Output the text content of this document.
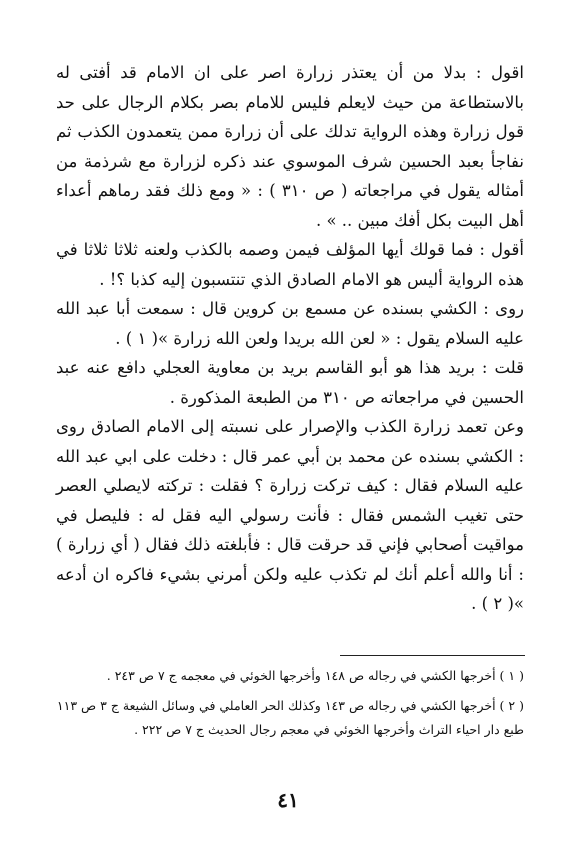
اقول : بدلا من أن يعتذر زرارة اصر على ان الامام قد أفتى له بالاستطاعة من حيث لايعلم فليس للامام بصر بكلام الرجال على حد قول زرارة وهذه الرواية تدلك على أن زرارة ممن يتعمدون الكذب ثم نفاجأ بعبد الحسين شرف الموسوي عند ذكره لزرارة مع شرذمة من أمثاله يقول في مراجعاته ( ص ٣١٠ ) : « ومع ذلك فقد رماهم أعداء أهل البيت بكل أفك مبين .. » .

أقول : فما قولك أيها المؤلف فيمن وصمه بالكذب ولعنه ثلاثا ثلاثا في هذه الرواية أليس هو الامام الصادق الذي تنتسبون إليه كذبا ؟! .

روى : الكشي بسنده عن مسمع بن كروين قال : سمعت أبا عبد الله عليه السلام يقول : « لعن الله بريدا ولعن الله زرارة »( ١ ) .

قلت : بريد هذا هو أبو القاسم بريد بن معاوية العجلي دافع عنه عبد الحسين في مراجعاته ص ٣١٠ من الطبعة المذكورة .

وعن تعمد زرارة الكذب والإصرار على نسبته إلى الامام الصادق روى : الكشي بسنده عن محمد بن أبي عمر قال : دخلت على ابي عبد الله عليه السلام فقال : كيف تركت زرارة ؟ فقلت : تركته لايصلي العصر حتى تغيب الشمس فقال : فأنت رسولي اليه فقل له : فليصل في مواقيت أصحابي فإني قد حرقت قال : فأبلغته ذلك فقال ( أي زرارة ) : أنا والله أعلم أنك لم تكذب عليه ولكن أمرني بشيء فاكره ان أدعه »( ٢ ) .

( ١ ) أخرجها الكشي في رجاله ص ١٤٨ وأخرجها الخوئي في معجمه ج ٧ ص ٢٤٣ .

( ٢ ) أخرجها الكشي في رجاله ص ١٤٣ وكذلك الحر العاملي في وسائل الشيعة ج ٣ ص ١١٣

طبع دار احياء التراث وأخرجها الخوئي في معجم رجال الحديث ج ٧ ص ٢٢٢ .

٤١
